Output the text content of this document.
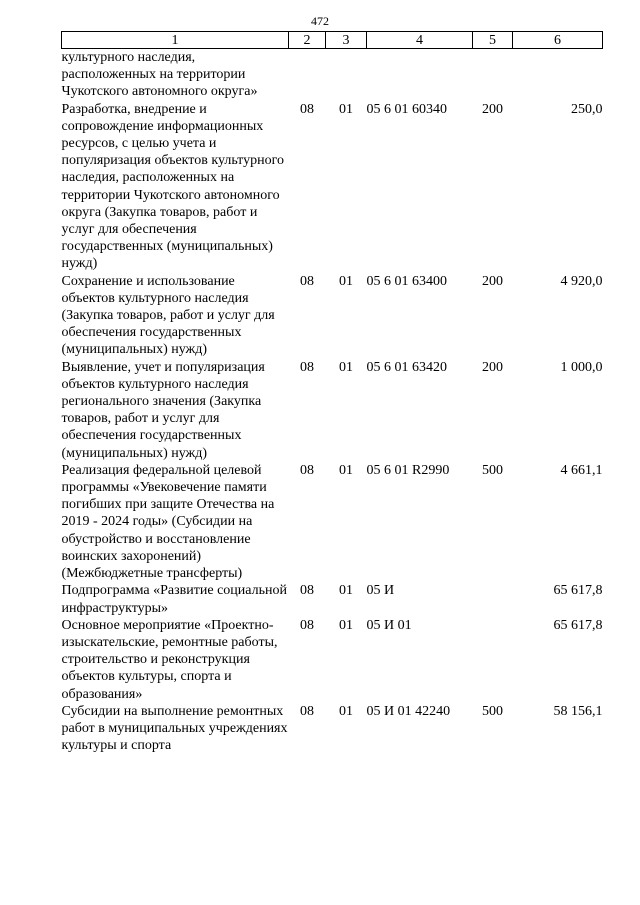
472
1	2	3	4	5	6
культурного наследия, расположенных на территории Чукотского автономного округа»					
Разработка, внедрение и сопровождение информационных ресурсов, с целью учета и популяризация объектов культурного наследия, расположенных на территории Чукотского автономного округа (Закупка товаров, работ и услуг для обеспечения государственных (муниципальных) нужд)	08	01	05 6 01 60340	200	250,0
Сохранение и использование объектов культурного наследия (Закупка товаров, работ и услуг для обеспечения государственных (муниципальных) нужд)	08	01	05 6 01 63400	200	4 920,0
Выявление, учет и популяризация объектов культурного наследия регионального значения (Закупка товаров, работ и услуг для обеспечения государственных (муниципальных) нужд)	08	01	05 6 01 63420	200	1 000,0
Реализация федеральной целевой программы «Увековечение памяти погибших при защите Отечества на 2019 - 2024 годы» (Субсидии на обустройство и восстановление воинских захоронений) (Межбюджетные трансферты)	08	01	05 6 01 R2990	500	4 661,1
Подпрограмма «Развитие социальной инфраструктуры»	08	01	05 И		65 617,8
Основное мероприятие «Проектно-изыскательские, ремонтные работы, строительство и реконструкция объектов культуры, спорта и образования»	08	01	05 И 01		65 617,8
Субсидии на выполнение ремонтных работ в муниципальных учреждениях культуры и спорта	08	01	05 И 01 42240	500	58 156,1
